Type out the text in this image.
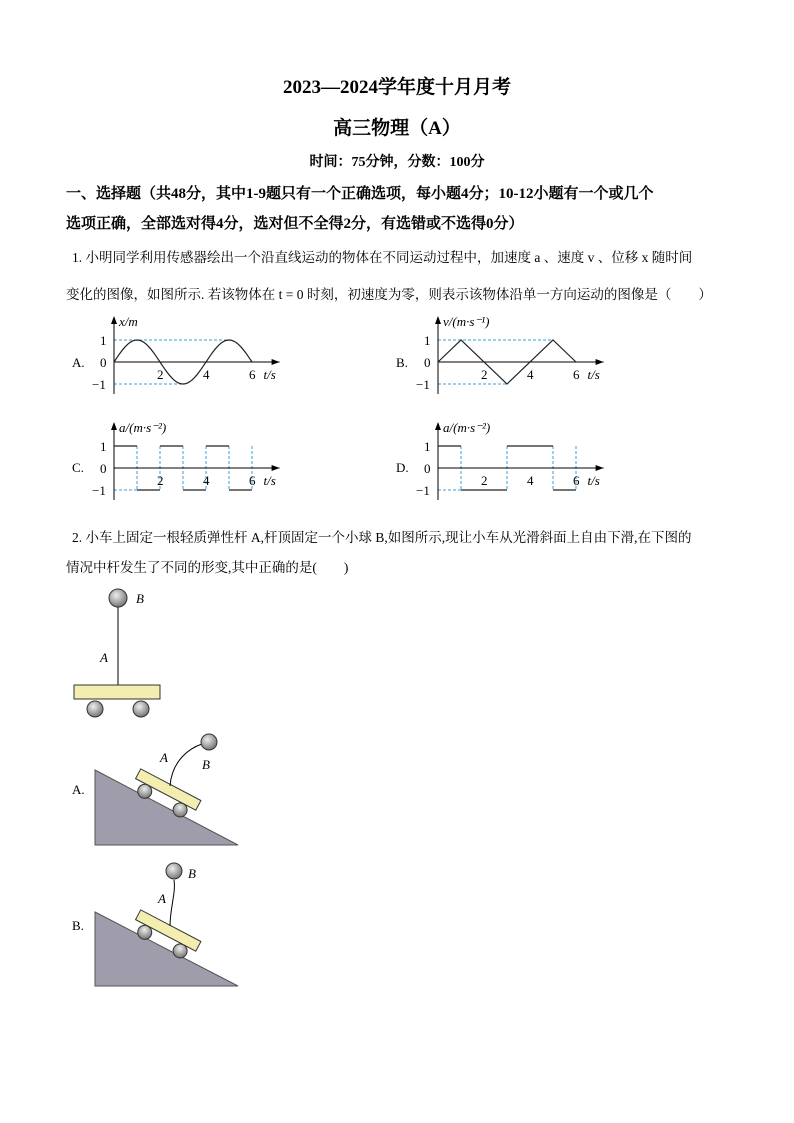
2023—2024学年度十月月考
高三物理（A）
时间：75分钟，分数：100分
一、选择题（共48分，其中1-9题只有一个正确选项，每小题4分；10-12小题有一个或几个
选项正确，全部选对得4分，选对但不全得2分，有选错或不选得0分）
1. 小明同学利用传感器绘出一个沿直线运动的物体在不同运动过程中，加速度 a 、速度 v 、位移 x 随时间
变化的图像，如图所示. 若该物体在 t = 0 时刻，初速度为零，则表示该物体沿单一方向运动的图像是（　　）
A.	B.
C.	D.
x/m
1
0
−1
2	4	6 t/s
v/(m·s⁻¹)
1
0
−1
2	4	6 t/s
a/(m·s⁻²)
1
0
−1
2	4	6 t/s
a/(m·s⁻²)
1
0
−1
2	4	6 t/s
2. 小车上固定一根轻质弹性杆 A,杆顶固定一个小球 B,如图所示,现让小车从光滑斜面上自由下滑,在下图的
情况中杆发生了不同的形变,其中正确的是(　　)
B
A
A.
A	B
B.
A
B
